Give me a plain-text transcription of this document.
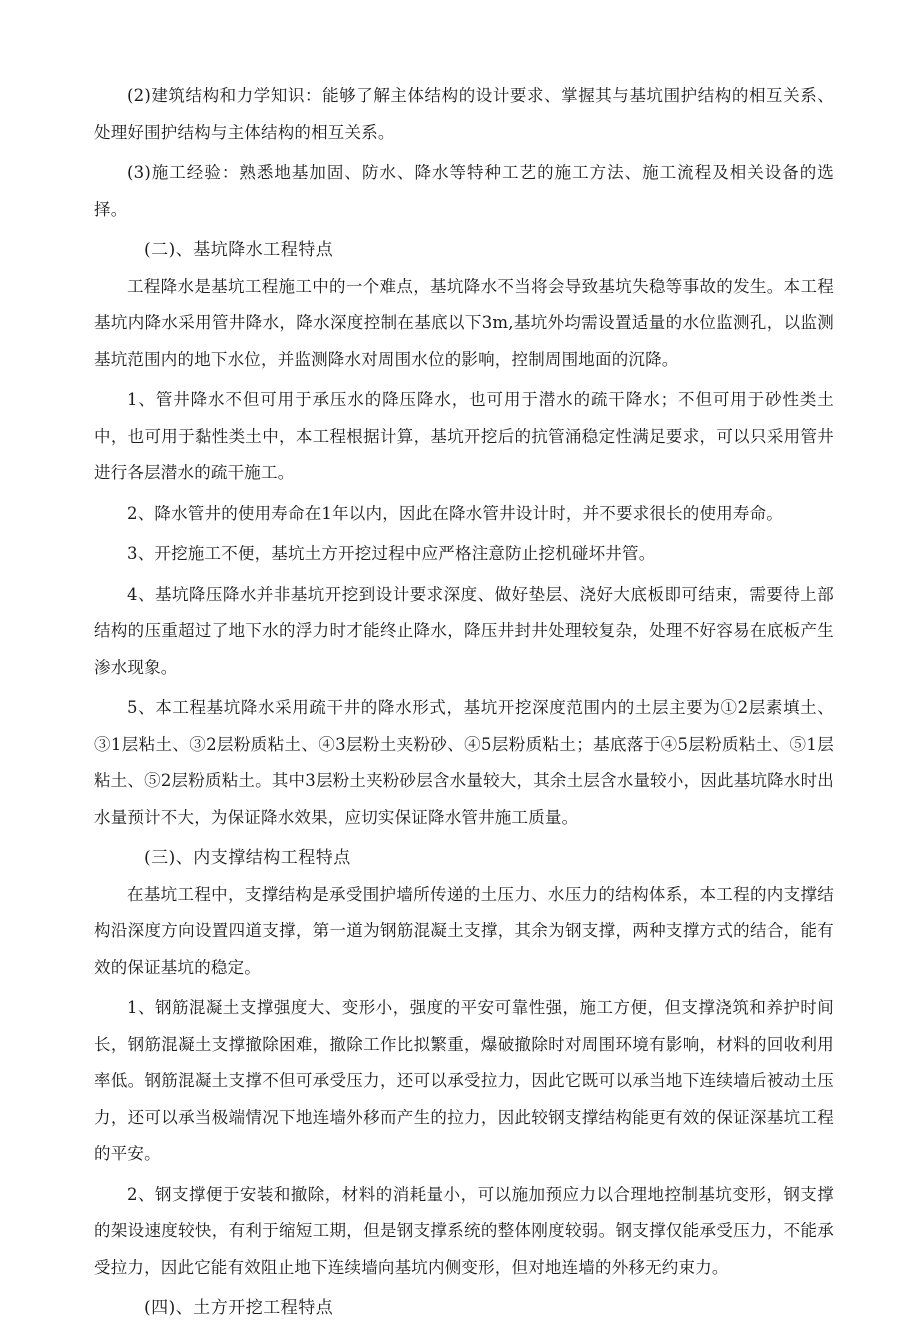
(2)建筑结构和力学知识：能够了解主体结构的设计要求、掌握其与基坑围护结构的相互关系、处理好围护结构与主体结构的相互关系。

(3)施工经验：熟悉地基加固、防水、降水等特种工艺的施工方法、施工流程及相关设备的选择。

(二)、基坑降水工程特点

工程降水是基坑工程施工中的一个难点，基坑降水不当将会导致基坑失稳等事故的发生。本工程基坑内降水采用管井降水，降水深度控制在基底以下3m,基坑外均需设置适量的水位监测孔，以监测基坑范围内的地下水位，并监测降水对周围水位的影响，控制周围地面的沉降。

1、管井降水不但可用于承压水的降压降水，也可用于潜水的疏干降水；不但可用于砂性类土中，也可用于黏性类土中，本工程根据计算，基坑开挖后的抗管涌稳定性满足要求，可以只采用管井进行各层潜水的疏干施工。

2、降水管井的使用寿命在1年以内，因此在降水管井设计时，并不要求很长的使用寿命。

3、开挖施工不便，基坑土方开挖过程中应严格注意防止挖机碰坏井管。

4、基坑降压降水并非基坑开挖到设计要求深度、做好垫层、浇好大底板即可结束，需要待上部结构的压重超过了地下水的浮力时才能终止降水，降压井封井处理较复杂，处理不好容易在底板产生渗水现象。

5、本工程基坑降水采用疏干井的降水形式，基坑开挖深度范围内的土层主要为①2层素填土、③1层粘土、③2层粉质粘土、④3层粉土夹粉砂、④5层粉质粘土；基底落于④5层粉质粘土、⑤1层粘土、⑤2层粉质粘土。其中3层粉土夹粉砂层含水量较大，其余土层含水量较小，因此基坑降水时出水量预计不大，为保证降水效果，应切实保证降水管井施工质量。

(三)、内支撑结构工程特点

在基坑工程中，支撑结构是承受围护墙所传递的土压力、水压力的结构体系，本工程的内支撑结构沿深度方向设置四道支撑，第一道为钢筋混凝土支撑，其余为钢支撑，两种支撑方式的结合，能有效的保证基坑的稳定。

1、钢筋混凝土支撑强度大、变形小，强度的平安可靠性强，施工方便，但支撑浇筑和养护时间长，钢筋混凝土支撑撤除困难，撤除工作比拟繁重，爆破撤除时对周围环境有影响，材料的回收利用率低。钢筋混凝土支撑不但可承受压力，还可以承受拉力，因此它既可以承当地下连续墙后被动土压力，还可以承当极端情况下地连墙外移而产生的拉力，因此较钢支撑结构能更有效的保证深基坑工程的平安。

2、钢支撑便于安装和撤除，材料的消耗量小，可以施加预应力以合理地控制基坑变形，钢支撑的架设速度较快，有利于缩短工期，但是钢支撑系统的整体刚度较弱。钢支撑仅能承受压力，不能承受拉力，因此它能有效阻止地下连续墙向基坑内侧变形，但对地连墙的外移无约束力。

(四)、土方开挖工程特点
